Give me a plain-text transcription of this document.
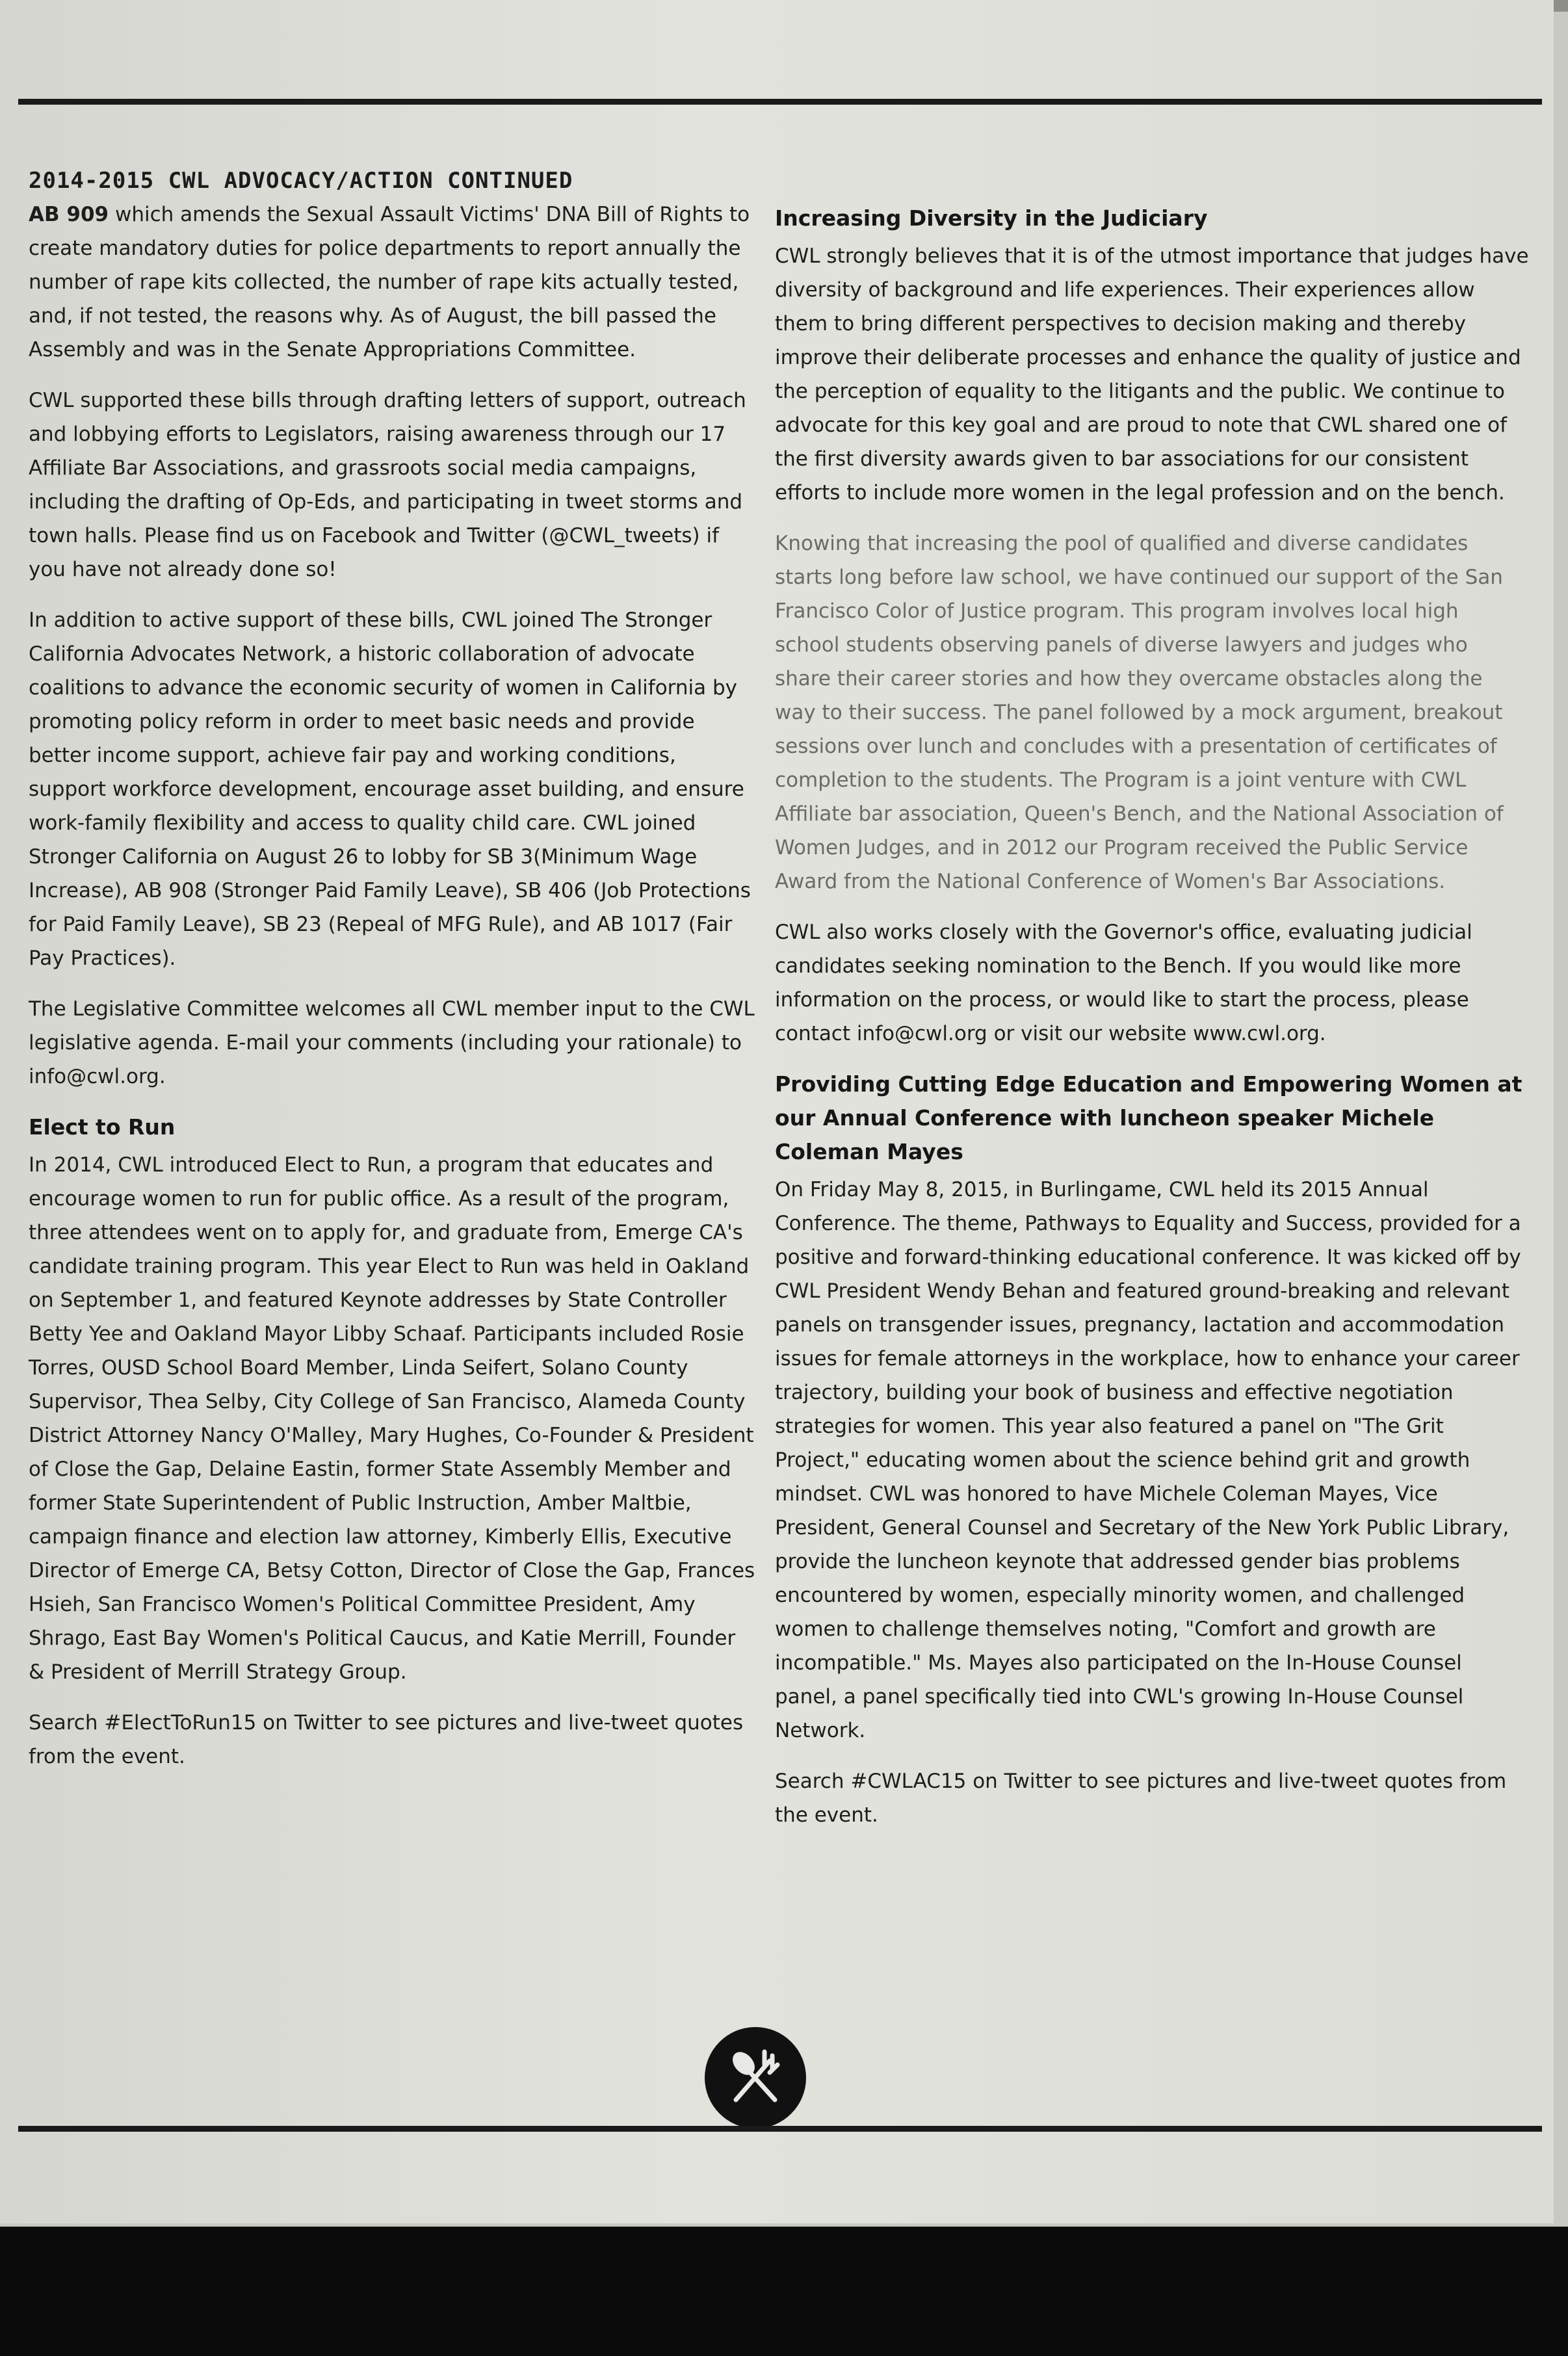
2014-2015 CWL ADVOCACY/ACTION CONTINUED

AB 909 which amends the Sexual Assault Victims' DNA Bill of Rights to create mandatory duties for police departments to report annually the number of rape kits collected, the number of rape kits actually tested, and, if not tested, the reasons why. As of August, the bill passed the Assembly and was in the Senate Appropriations Committee.

CWL supported these bills through drafting letters of support, outreach and lobbying efforts to Legislators, raising awareness through our 17 Affiliate Bar Associations, and grassroots social media campaigns, including the drafting of Op-Eds, and participating in tweet storms and town halls. Please find us on Facebook and Twitter (@CWL_tweets) if you have not already done so!

In addition to active support of these bills, CWL joined The Stronger California Advocates Network, a historic collaboration of advocate coalitions to advance the economic security of women in California by promoting policy reform in order to meet basic needs and provide better income support, achieve fair pay and working conditions, support workforce development, encourage asset building, and ensure work-family flexibility and access to quality child care. CWL joined Stronger California on August 26 to lobby for SB 3(Minimum Wage Increase), AB 908 (Stronger Paid Family Leave), SB 406 (Job Protections for Paid Family Leave), SB 23 (Repeal of MFG Rule), and AB 1017 (Fair Pay Practices).

The Legislative Committee welcomes all CWL member input to the CWL legislative agenda. E-mail your comments (including your rationale) to info@cwl.org.

Elect to Run

In 2014, CWL introduced Elect to Run, a program that educates and encourage women to run for public office. As a result of the program, three attendees went on to apply for, and graduate from, Emerge CA's candidate training program. This year Elect to Run was held in Oakland on September 1, and featured Keynote addresses by State Controller Betty Yee and Oakland Mayor Libby Schaaf. Participants included Rosie Torres, OUSD School Board Member, Linda Seifert, Solano County Supervisor, Thea Selby, City College of San Francisco, Alameda County District Attorney Nancy O'Malley, Mary Hughes, Co-Founder & President of Close the Gap, Delaine Eastin, former State Assembly Member and former State Superintendent of Public Instruction, Amber Maltbie, campaign finance and election law attorney, Kimberly Ellis, Executive Director of Emerge CA, Betsy Cotton, Director of Close the Gap, Frances Hsieh, San Francisco Women's Political Committee President, Amy Shrago, East Bay Women's Political Caucus, and Katie Merrill, Founder & President of Merrill Strategy Group.

Search #ElectToRun15 on Twitter to see pictures and live-tweet quotes from the event.

Increasing Diversity in the Judiciary

CWL strongly believes that it is of the utmost importance that judges have diversity of background and life experiences. Their experiences allow them to bring different perspectives to decision making and thereby improve their deliberate processes and enhance the quality of justice and the perception of equality to the litigants and the public. We continue to advocate for this key goal and are proud to note that CWL shared one of the first diversity awards given to bar associations for our consistent efforts to include more women in the legal profession and on the bench.

Knowing that increasing the pool of qualified and diverse candidates starts long before law school, we have continued our support of the San Francisco Color of Justice program. This program involves local high school students observing panels of diverse lawyers and judges who share their career stories and how they overcame obstacles along the way to their success. The panel followed by a mock argument, breakout sessions over lunch and concludes with a presentation of certificates of completion to the students. The Program is a joint venture with CWL Affiliate bar association, Queen's Bench, and the National Association of Women Judges, and in 2012 our Program received the Public Service Award from the National Conference of Women's Bar Associations.

CWL also works closely with the Governor's office, evaluating judicial candidates seeking nomination to the Bench. If you would like more information on the process, or would like to start the process, please contact info@cwl.org or visit our website www.cwl.org.

Providing Cutting Edge Education and Empowering Women at our Annual Conference with luncheon speaker Michele Coleman Mayes

On Friday May 8, 2015, in Burlingame, CWL held its 2015 Annual Conference. The theme, Pathways to Equality and Success, provided for a positive and forward-thinking educational conference. It was kicked off by CWL President Wendy Behan and featured ground-breaking and relevant panels on transgender issues, pregnancy, lactation and accommodation issues for female attorneys in the workplace, how to enhance your career trajectory, building your book of business and effective negotiation strategies for women. This year also featured a panel on "The Grit Project," educating women about the science behind grit and growth mindset. CWL was honored to have Michele Coleman Mayes, Vice President, General Counsel and Secretary of the New York Public Library, provide the luncheon keynote that addressed gender bias problems encountered by women, especially minority women, and challenged women to challenge themselves noting, "Comfort and growth are incompatible." Ms. Mayes also participated on the In-House Counsel panel, a panel specifically tied into CWL's growing In-House Counsel Network.

Search #CWLAC15 on Twitter to see pictures and live-tweet quotes from the event.
